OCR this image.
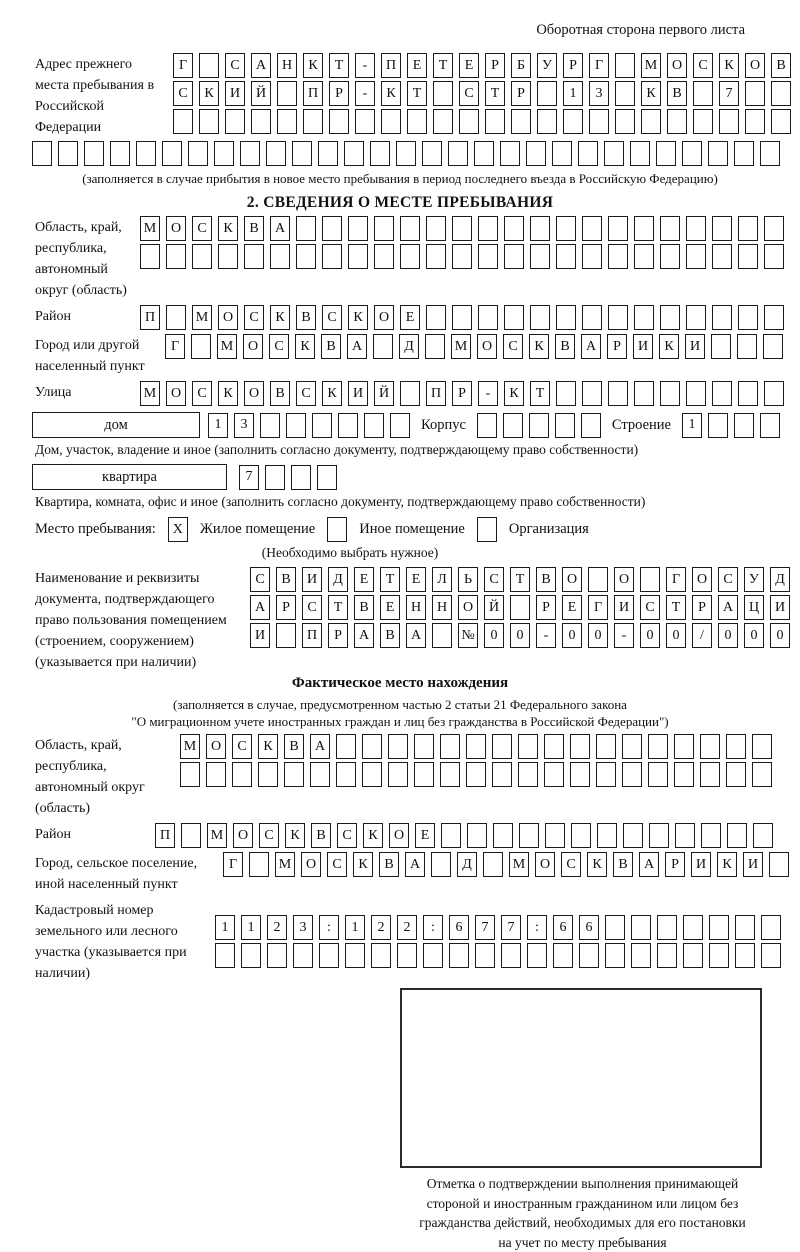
Оборотная сторона первого листа
Адрес прежнего места пребывания в Российской Федерации
Г	С	А	Н	К	Т	-	П	Е	Т	Е	Р	Б	У	Р	Г	М	О	С	К	О	В
С	К	И	Й	П	Р	-	К	Т	С	Т	Р	1	3	К	В	7
(заполняется в случае прибытия в новое место пребывания в период последнего въезда в Российскую Федерацию)
2. СВЕДЕНИЯ О МЕСТЕ ПРЕБЫВАНИЯ
Область, край, республика, автономный округ (область)
М	О	С	К	В	А
Район	П	М	О	С	К	В	С	К	О	Е
Город или другой населенный пункт
Г	М	О	С	К	В	А	Д	М	О	С	К	В	А	Р	И	К	И
Улица	М	О	С	К	О	В	С	К	И	Й	П	Р	-	К	Т
дом	1	3	Корпус	Строение	1
Дом, участок, владение и иное (заполнить согласно документу, подтверждающему право собственности)
квартира	7
Квартира, комната, офис и иное (заполнить согласно документу, подтверждающему право собственности)
Место пребывания:	X	Жилое помещение	Иное помещение	Организация
(Необходимо выбрать нужное)
Наименование и реквизиты документа, подтверждающего право пользования помещением (строением, сооружением) (указывается при наличии)
С	В	И	Д	Е	Т	Е	Л	Ь	С	Т	В	О	О	Г	О	С	У	Д
А	Р	С	Т	В	Е	Н	Н	О	Й	Р	Е	Г	И	С	Т	Р	А	Ц	И
И	П	Р	А	В	А	№	0	0	-	0	0	-	0	0	/	0	0	0
Фактическое место нахождения
(заполняется в случае, предусмотренном частью 2 статьи 21 Федерального закона
"О миграционном учете иностранных граждан и лиц без гражданства в Российской Федерации")
Область, край, республика, автономный округ (область)
М	О	С	К	В	А
Район	П	М	О	С	К	В	С	К	О	Е
Город, сельское поселение, иной населенный пункт
Г	М	О	С	К	В	А	Д	М	О	С	К	В	А	Р	И	К	И
Кадастровый номер земельного или лесного участка (указывается при наличии)
1	1	2	3	:	1	2	2	:	6	7	7	:	6	6
Отметка о подтверждении выполнения принимающей
стороной и иностранным гражданином или лицом без
гражданства действий, необходимых для его постановки
на учет по месту пребывания
